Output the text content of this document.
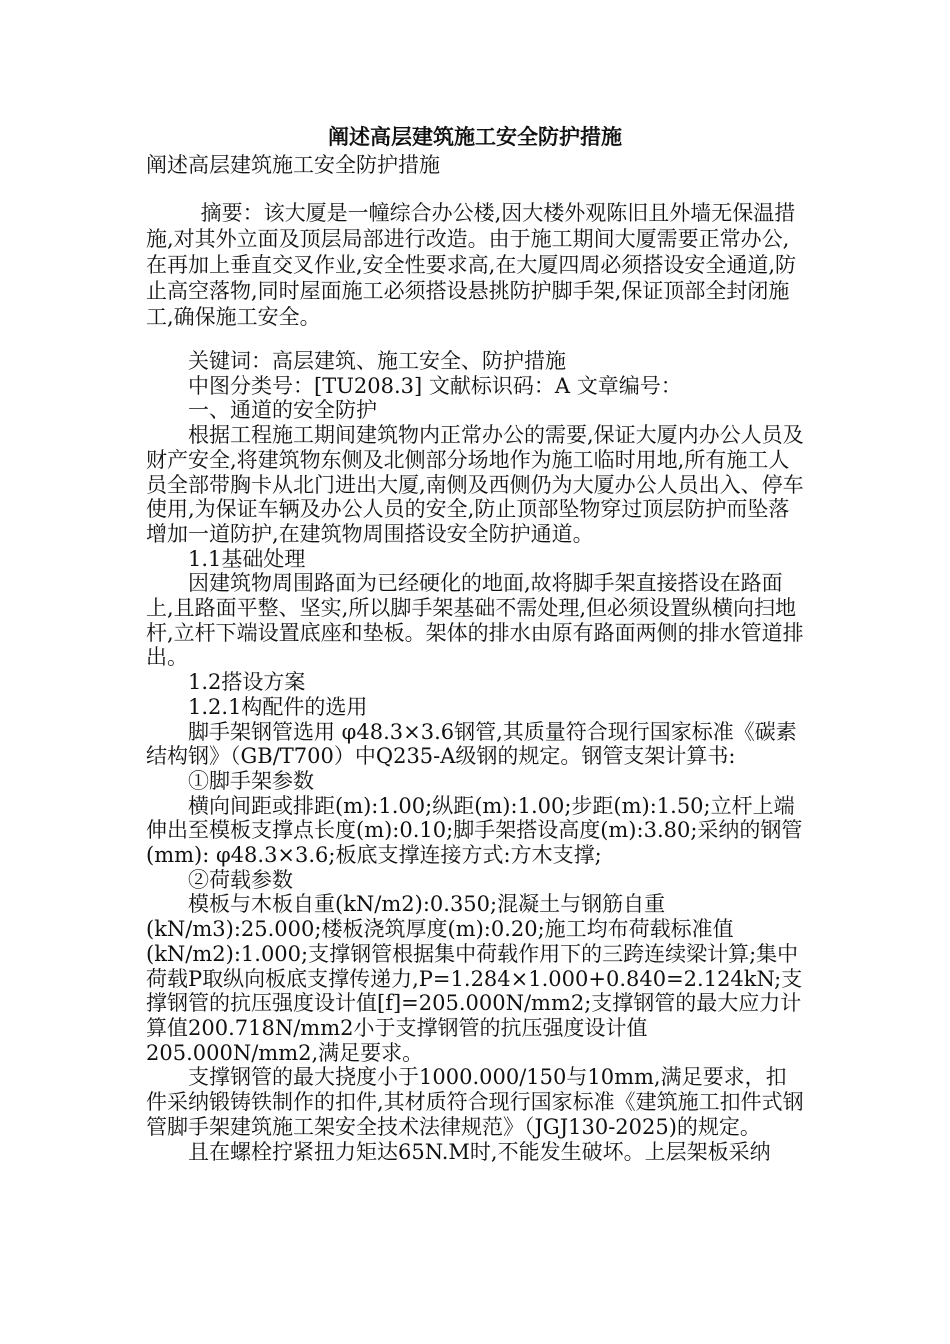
阐述高层建筑施工安全防护措施
阐述高层建筑施工安全防护措施

摘要：该大厦是一幢综合办公楼,因大楼外观陈旧且外墙无保温措施,对其外立面及顶层局部进行改造。由于施工期间大厦需要正常办公,在再加上垂直交叉作业,安全性要求高,在大厦四周必须搭设安全通道,防止高空落物,同时屋面施工必须搭设悬挑防护脚手架,保证顶部全封闭施工,确保施工安全。

关键词：高层建筑、施工安全、防护措施

中图分类号：[TU208.3] 文献标识码：A 文章编号：

一、通道的安全防护

根据工程施工期间建筑物内正常办公的需要,保证大厦内办公人员及财产安全,将建筑物东侧及北侧部分场地作为施工临时用地,所有施工人员全部带胸卡从北门进出大厦,南侧及西侧仍为大厦办公人员出入、停车使用,为保证车辆及办公人员的安全,防止顶部坠物穿过顶层防护而坠落增加一道防护,在建筑物周围搭设安全防护通道。

1.1基础处理

因建筑物周围路面为已经硬化的地面,故将脚手架直接搭设在路面上,且路面平整、坚实,所以脚手架基础不需处理,但必须设置纵横向扫地杆,立杆下端设置底座和垫板。架体的排水由原有路面两侧的排水管道排出。

1.2搭设方案

1.2.1构配件的选用

脚手架钢管选用 φ48.3×3.6钢管,其质量符合现行国家标准《碳素结构钢》（GB/T700）中Q235-A级钢的规定。钢管支架计算书:

①脚手架参数

横向间距或排距(m):1.00;纵距(m):1.00;步距(m):1.50;立杆上端伸出至模板支撑点长度(m):0.10;脚手架搭设高度(m):3.80;采纳的钢管(mm): φ48.3×3.6;板底支撑连接方式:方木支撑;

②荷载参数

模板与木板自重(kN/m2):0.350;混凝土与钢筋自重(kN/m3):25.000;楼板浇筑厚度(m):0.20;施工均布荷载标准值(kN/m2):1.000;支撑钢管根据集中荷载作用下的三跨连续梁计算;集中荷载P取纵向板底支撑传递力,P=1.284×1.000+0.840=2.124kN;支撑钢管的抗压强度设计值[f]=205.000N/mm2;支撑钢管的最大应力计算值200.718N/mm2小于支撑钢管的抗压强度设计值205.000N/mm2,满足要求。

支撑钢管的最大挠度小于1000.000/150与10mm,满足要求，扣件采纳锻铸铁制作的扣件,其材质符合现行国家标准《建筑施工扣件式钢管脚手架建筑施工架安全技术法律规范》（JGJ130-2025)的规定。

且在螺栓拧紧扭力矩达65N.M时,不能发生破坏。上层架板采纳
